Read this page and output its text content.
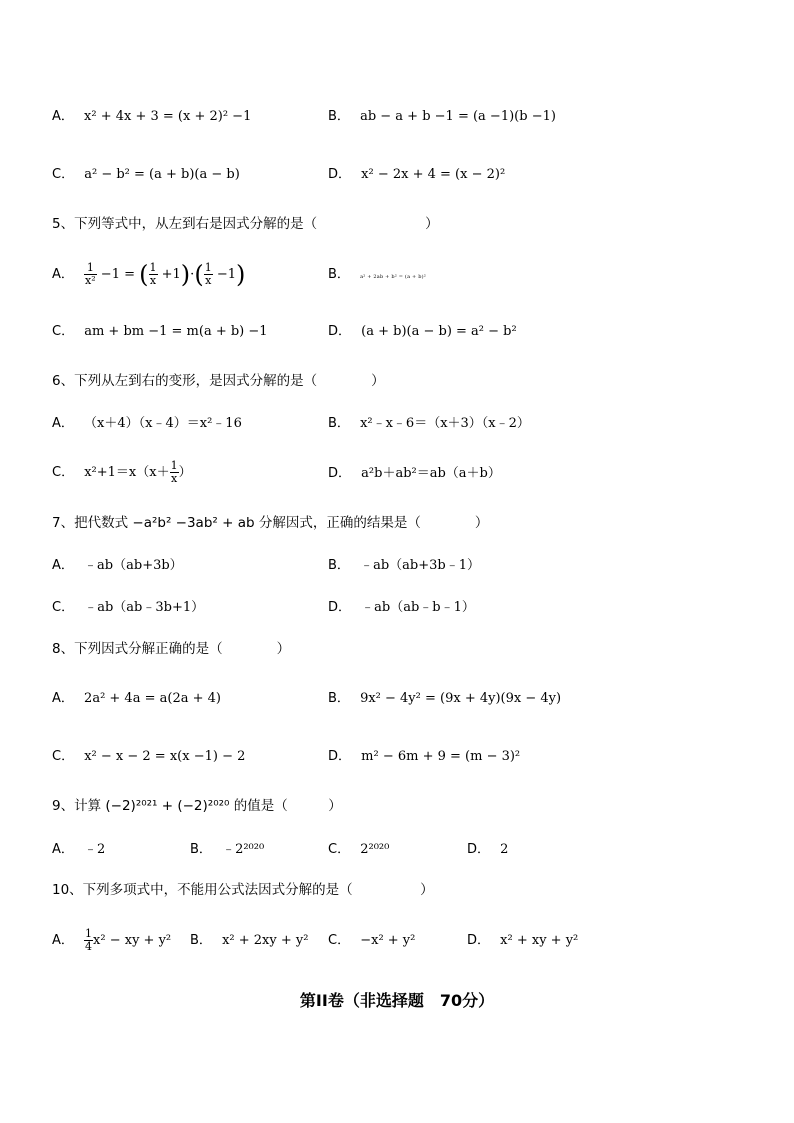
A． x² + 4x + 3 = (x + 2)² −1	B． ab − a + b −1 = (a −1)(b −1)
C． a² − b² = (a + b)(a − b)	D． x² − 2x + 4 = (x − 2)²
5、下列等式中，从左到右是因式分解的是（　　　　　　　　）
A． $\frac{1}{\text{x²}} -1$ = ( $\frac{1}{x} +1)\cdot( \frac{1}{x} -1)$	B． a² + 2ab + b² = (a + b)²
C． am + bm −1 = m(a + b) −1	D． (a + b)(a − b) = a² − b²
6、下列从左到右的变形，是因式分解的是（　　　　）
A． （x＋4）（x﹣4）＝x²﹣16	B． x²﹣x﹣6＝（x＋3）（x﹣2）
C． $x^2+1=x(x+ \frac{1}{x}$ ）	D． a²b＋ab²＝ab（a＋b）
7、把代数式 −a²b² −3ab² + ab 分解因式，正确的结果是（　　　　）
A． ﹣ab（ab+3b）	B． ﹣ab（ab+3b﹣1）
C． ﹣ab（ab﹣3b+1）	D． ﹣ab（ab﹣b﹣1）
8、下列因式分解正确的是（　　　　）
A． 2a² + 4a = a(2a + 4)	B． 9x² − 4y² = (9x + 4y)(9x − 4y)
C． x² − x − 2 = x(x −1) − 2	D． m² − 6m + 9 = (m − 3)²
9、计算 (−2)²⁰²¹ + (−2)²⁰²⁰ 的值是（　　　）
A． ﹣2	B． ﹣2²⁰²⁰	C． 2²⁰²⁰	D． 2
10、下列多项式中，不能用公式法因式分解的是（　　　　　）
A． $\frac{1}{4} x^2$ − xy + y² B． x² + 2xy + y² C． −x² + y²	D． x² + xy + y²
第II卷（非选择题　70分）
